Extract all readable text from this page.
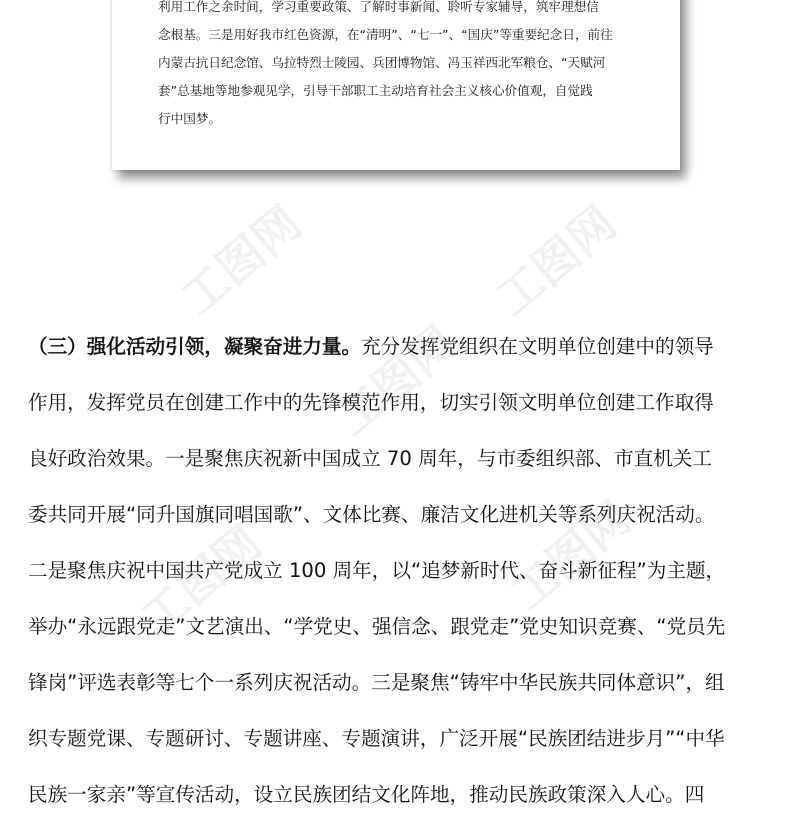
利用工作之余时间，学习重要政策、了解时事新闻、聆听专家辅导，筑牢理想信
念根基。三是用好我市红色资源，在“清明”、“七一”、“国庆”等重要纪念日，前往
内蒙古抗日纪念馆、乌拉特烈士陵园、兵团博物馆、冯玉祥西北军粮仓、“天赋河
套”总基地等地参观见学，引导干部职工主动培育社会主义核心价值观，自觉践
行中国梦。
工图网	工图网
工图网
工图网	工图网
（三）强化活动引领，凝聚奋进力量。充分发挥党组织在文明单位创建中的领导
作用，发挥党员在创建工作中的先锋模范作用，切实引领文明单位创建工作取得
良好政治效果。一是聚焦庆祝新中国成立 70 周年，与市委组织部、市直机关工
委共同开展“同升国旗同唱国歌”、文体比赛、廉洁文化进机关等系列庆祝活动。
二是聚焦庆祝中国共产党成立 100 周年，以“追梦新时代、奋斗新征程”为主题，
举办“永远跟党走”文艺演出、“学党史、强信念、跟党走”党史知识竞赛、“党员先
锋岗”评选表彰等七个一系列庆祝活动。三是聚焦“铸牢中华民族共同体意识”，组
织专题党课、专题研讨、专题讲座、专题演讲，广泛开展“民族团结进步月”“中华
民族一家亲”等宣传活动，设立民族团结文化阵地，推动民族政策深入人心。四
